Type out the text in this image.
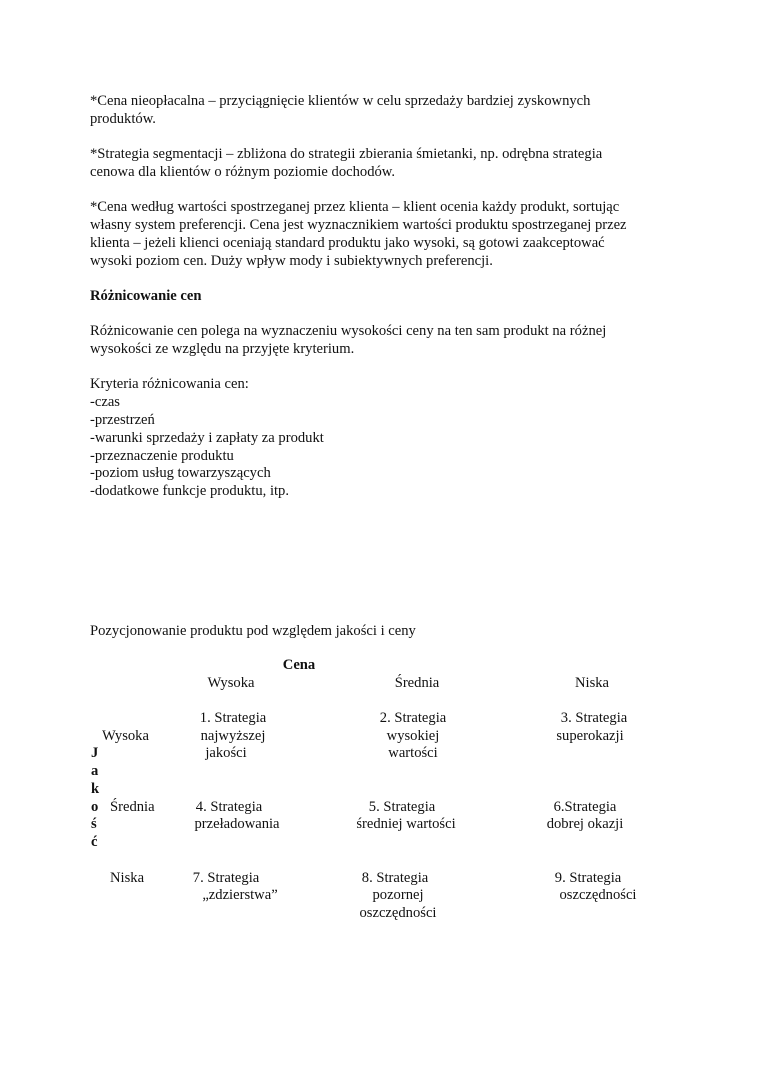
*Cena nieopłacalna – przyciągnięcie klientów w celu sprzedaży bardziej zyskownych
produktów.
*Strategia segmentacji – zbliżona do strategii zbierania śmietanki, np. odrębna strategia
cenowa dla klientów o różnym poziomie dochodów.
*Cena według wartości spostrzeganej przez klienta – klient ocenia każdy produkt, sortując
własny system preferencji. Cena jest wyznacznikiem wartości produktu spostrzeganej przez
klienta – jeżeli klienci oceniają standard produktu jako wysoki, są gotowi zaakceptować
wysoki poziom cen. Duży wpływ mody i subiektywnych preferencji.
Różnicowanie cen
Różnicowanie cen polega na wyznaczeniu wysokości ceny na ten sam produkt na różnej
wysokości ze względu na przyjęte kryterium.
Kryteria różnicowania cen:
-czas
-przestrzeń
-warunki sprzedaży i zapłaty za produkt
-przeznaczenie produktu
-poziom usług towarzyszących
-dodatkowe funkcje produktu, itp.
Pozycjonowanie produktu pod względem jakości i ceny
Cena
Wysoka	Średnia	Niska
J
a
k
o
ś
ć
Wysoka
Średnia
Niska
1. Strategia
najwyższej
jakości
2. Strategia
wysokiej
wartości
3. Strategia
superokazji
4. Strategia
przeładowania
5. Strategia
średniej wartości
6.Strategia
dobrej okazji
7. Strategia
„zdzierstwa”
8. Strategia
pozornej
oszczędności
9. Strategia
oszczędności
